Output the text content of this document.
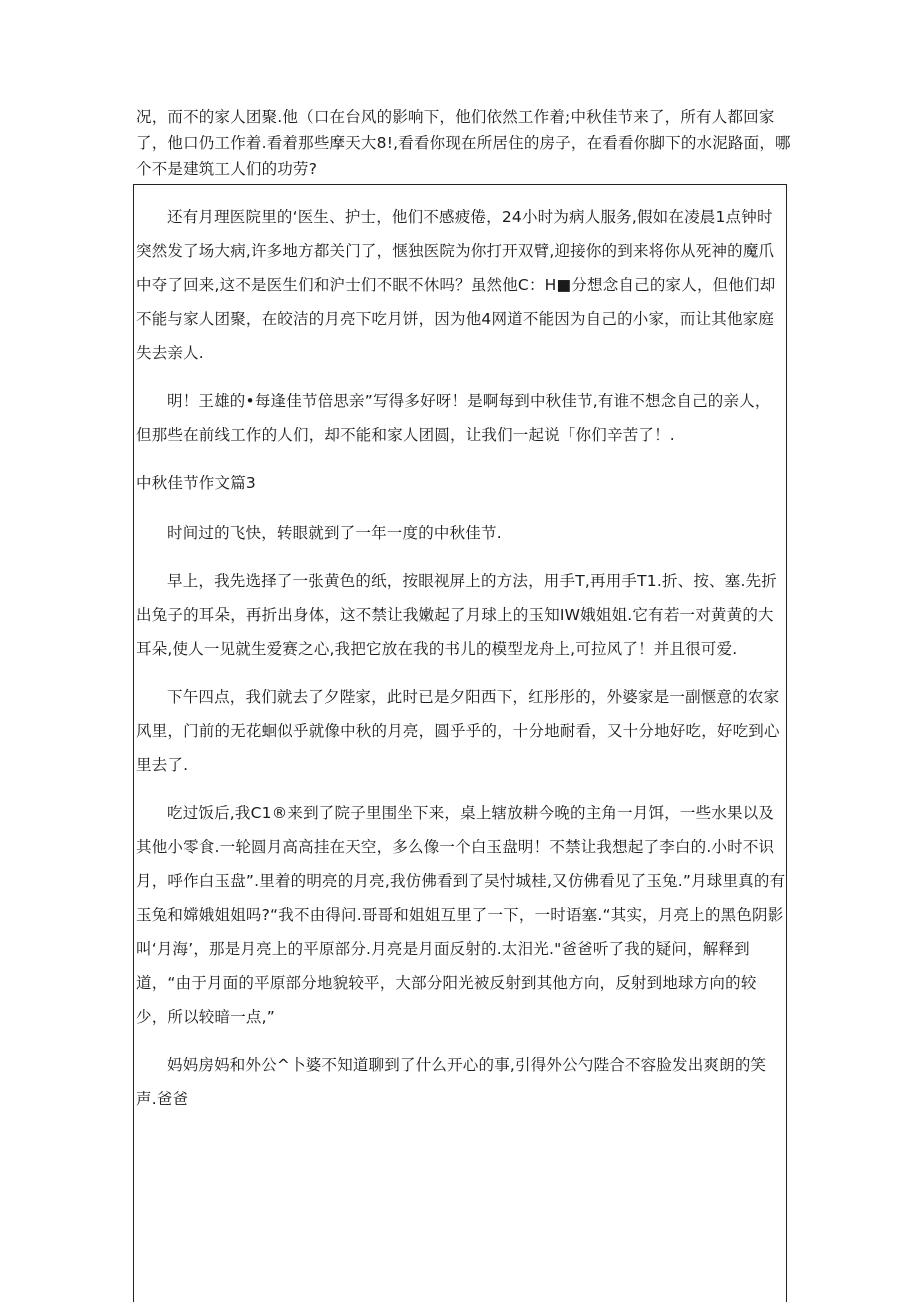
况，而不的家人团聚.他（口在台风的影响下，他们依然工作着;中秋佳节来了，所有人都回家了，他口仍工作着.看着那些摩天大8!,看看你现在所居住的房子，在看看你脚下的水泥路面，哪个不是建筑工人们的功劳?

还有月理医院里的‘医生、护士，他们不感疲倦，24小时为病人服务,假如在凌晨1点钟时突然发了场大病,许多地方都关门了，惬独医院为你打开双臂,迎接你的到来将你从死神的魔爪中夺了回来,这不是医生们和沪士们不眠不休吗？虽然他C：H■分想念自己的家人，但他们却不能与家人团聚，在皎洁的月亮下吃月饼，因为他4网道不能因为自己的小家，而让其他家庭失去亲人.

明！王雄的•每逢佳节倍思亲”写得多好呀！是啊每到中秋佳节,有谁不想念自己的亲人，但那些在前线工作的人们，却不能和家人团圆，让我们一起说「你们辛苦了！.

中秋佳节作文篇3

时间过的飞快，转眼就到了一年一度的中秋佳节.

早上，我先选择了一张黄色的纸，按眼视屏上的方法，用手T,再用手T1.折、按、塞.先折出兔子的耳朵，再折出身体，这不禁让我嫩起了月球上的玉知IW娥姐姐.它有若一对黄黄的大耳朵,使人一见就生爱赛之心,我把它放在我的书儿的模型龙舟上,可拉风了！并且很可爱.

下午四点，我们就去了夕陛家，此时已是夕阳西下，红彤彤的，外婆家是一副惬意的农家风里，门前的无花蛔似乎就像中秋的月亮，圆乎乎的，十分地耐看，又十分地好吃，好吃到心里去了.

吃过饭后,我C1®来到了院子里围坐下来，桌上辖放耕今晚的主角一月饵，一些水果以及其他小零食.一轮圆月高高挂在天空，多么像一个白玉盘明！不禁让我想起了李白的.小时不识月，呼作白玉盘”.里着的明亮的月亮,我仿佛看到了吴忖城桂,又仿佛看见了玉兔.”月球里真的有玉兔和嫦娥姐姐吗?“我不由得问.哥哥和姐姐互里了一下，一时语塞.“其实，月亮上的黑色阴影叫‘月海’，那是月亮上的平原部分.月亮是月面反射的.太汨光."爸爸听了我的疑问，解释到道，“由于月面的平原部分地貌较平，大部分阳光被反射到其他方向，反射到地球方向的较少，所以较暗一点,”

妈妈房妈和外公^卜婆不知道聊到了什么开心的事,引得外公勺陛合不容脸发出爽朗的笑声.爸爸
